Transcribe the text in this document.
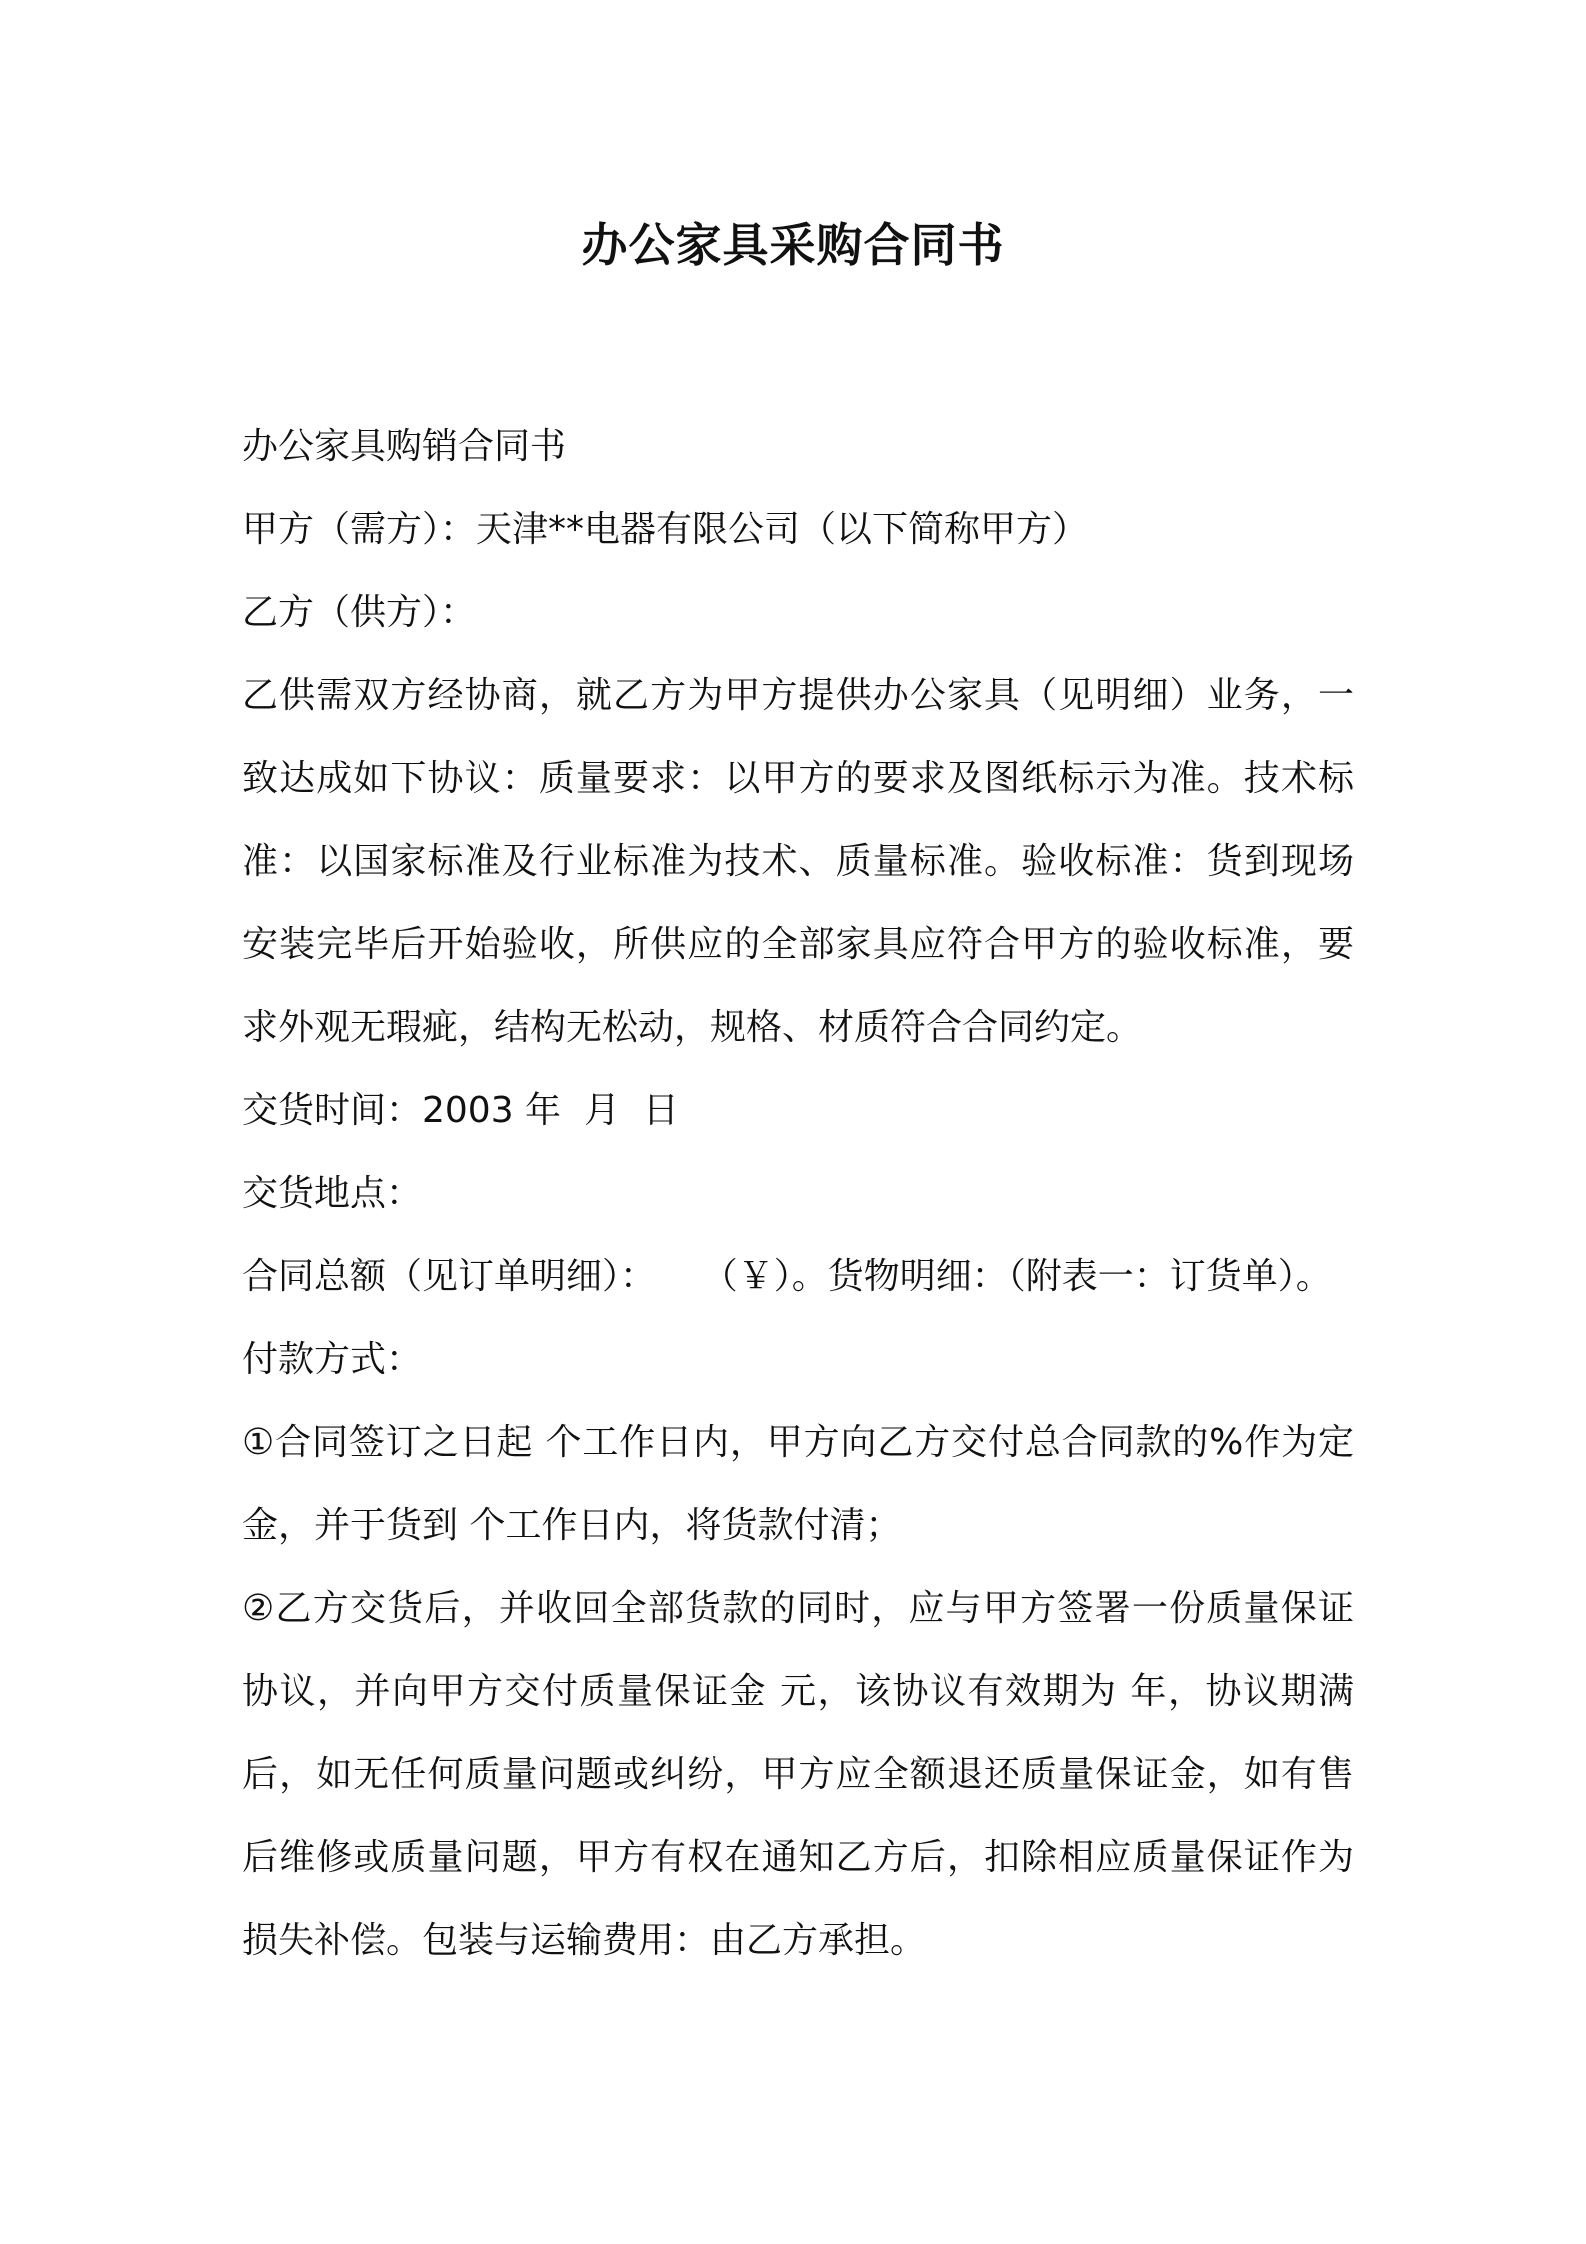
办公家具采购合同书

办公家具购销合同书

甲方（需方）：天津**电器有限公司（以下简称甲方）

乙方（供方）：

乙供需双方经协商，就乙方为甲方提供办公家具（见明细）业务，一致达成如下协议：质量要求：以甲方的要求及图纸标示为准。技术标准：以国家标准及行业标准为技术、质量标准。验收标准：货到现场安装完毕后开始验收，所供应的全部家具应符合甲方的验收标准，要求外观无瑕疵，结构无松动，规格、材质符合合同约定。

交货时间：2003 年  月  日

交货地点：

合同总额（见订单明细）：    （￥）。货物明细：（附表一：订货单）。

付款方式：

①合同签订之日起 个工作日内，甲方向乙方交付总合同款的%作为定金，并于货到 个工作日内，将货款付清；

②乙方交货后，并收回全部货款的同时，应与甲方签署一份质量保证协议，并向甲方交付质量保证金 元，该协议有效期为 年，协议期满后，如无任何质量问题或纠纷，甲方应全额退还质量保证金，如有售后维修或质量问题，甲方有权在通知乙方后，扣除相应质量保证作为损失补偿。包装与运输费用：由乙方承担。
